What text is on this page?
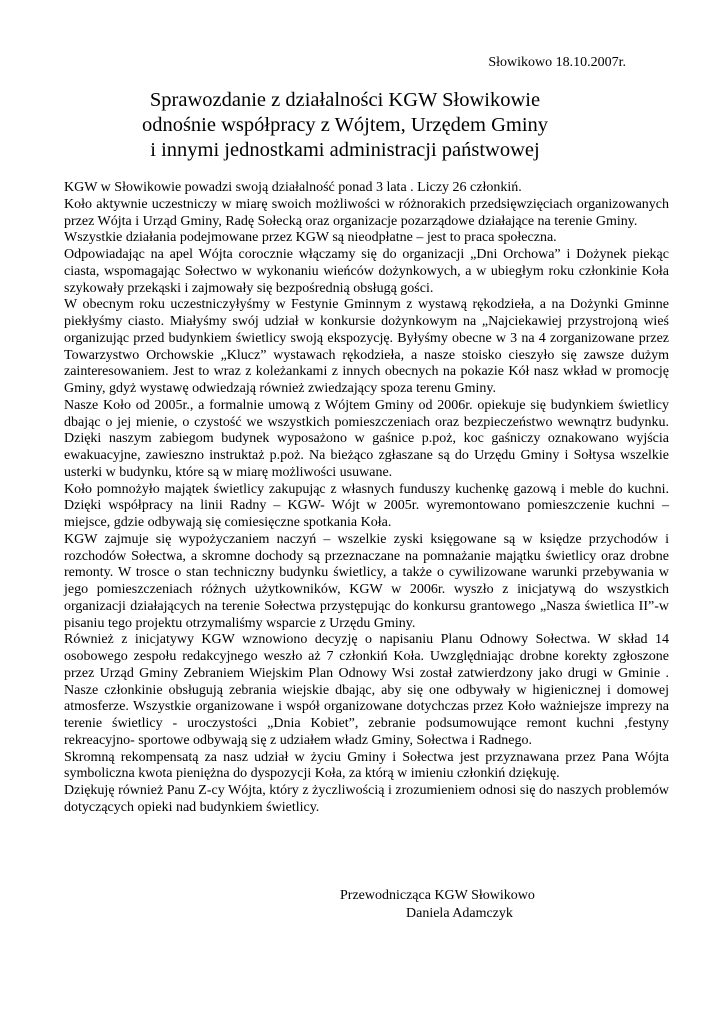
Słowikowo 18.10.2007r.
Sprawozdanie z działalności KGW Słowikowie
odnośnie współpracy z Wójtem, Urzędem Gminy
i innymi jednostkami administracji państwowej

KGW w Słowikowie powadzi swoją działalność ponad 3 lata . Liczy 26 członkiń.

Koło aktywnie uczestniczy w miarę swoich możliwości w różnorakich przedsięwzięciach organizowanych przez Wójta i Urząd Gminy, Radę Sołecką oraz organizacje pozarządowe działające na terenie Gminy.

Wszystkie działania podejmowane przez KGW są nieodpłatne – jest to praca społeczna.

Odpowiadając na apel Wójta corocznie włączamy się do organizacji „Dni Orchowa” i Dożynek piekąc ciasta, wspomagając Sołectwo w wykonaniu wieńców dożynkowych, a w ubiegłym roku członkinie Koła szykowały przekąski i zajmowały się bezpośrednią obsługą gości.

W obecnym roku uczestniczyłyśmy w Festynie Gminnym z wystawą rękodzieła, a na Dożynki Gminne piekłyśmy ciasto. Miałyśmy swój udział w konkursie dożynkowym na „Najciekawiej przystrojoną wieś organizując przed budynkiem świetlicy swoją ekspozycję. Byłyśmy obecne w 3 na 4 zorganizowane przez Towarzystwo Orchowskie „Klucz” wystawach rękodzieła, a nasze stoisko cieszyło się zawsze dużym zainteresowaniem. Jest to wraz z koleżankami z innych obecnych na pokazie Kół nasz wkład w promocję Gminy, gdyż wystawę odwiedzają również zwiedzający spoza terenu Gminy.

Nasze Koło od 2005r., a formalnie umową z Wójtem Gminy od 2006r. opiekuje się budynkiem świetlicy dbając o jej mienie, o czystość we wszystkich pomieszczeniach oraz bezpieczeństwo wewnątrz budynku. Dzięki naszym zabiegom budynek wyposażono w gaśnice p.poż, koc gaśniczy oznakowano wyjścia ewakuacyjne, zawieszno instruktaż p.poż. Na bieżąco zgłaszane są do Urzędu Gminy i Sołtysa wszelkie usterki w budynku, które są w miarę możliwości usuwane.

Koło pomnożyło majątek świetlicy zakupując z własnych funduszy kuchenkę gazową i meble do kuchni. Dzięki współpracy na linii Radny – KGW- Wójt w 2005r. wyremontowano pomieszczenie kuchni – miejsce, gdzie odbywają się comiesięczne spotkania Koła.

KGW zajmuje się wypożyczaniem naczyń – wszelkie zyski księgowane są w księdze przychodów i rozchodów Sołectwa, a skromne dochody są przeznaczane na pomnażanie majątku świetlicy oraz drobne remonty. W trosce o stan techniczny budynku świetlicy, a także o cywilizowane warunki przebywania w jego pomieszczeniach różnych użytkowników, KGW w 2006r. wyszło z inicjatywą do wszystkich organizacji działających na terenie Sołectwa przystępując do konkursu grantowego „Nasza świetlica II”-w pisaniu tego projektu otrzymaliśmy wsparcie z Urzędu Gminy.

Również z inicjatywy KGW wznowiono decyzję o napisaniu Planu Odnowy Sołectwa. W skład 14 osobowego zespołu redakcyjnego weszło aż 7 członkiń Koła. Uwzględniając drobne korekty zgłoszone przez Urząd Gminy Zebraniem Wiejskim Plan Odnowy Wsi został zatwierdzony jako drugi w Gminie . Nasze członkinie obsługują zebrania wiejskie dbając, aby się one odbywały w higienicznej i domowej atmosferze. Wszystkie organizowane i współ organizowane dotychczas przez Koło ważniejsze imprezy na terenie świetlicy - uroczystości „Dnia Kobiet”, zebranie podsumowujące remont kuchni ,festyny rekreacyjno- sportowe odbywają się z udziałem władz Gminy, Sołectwa i Radnego.

Skromną rekompensatą za nasz udział w życiu Gminy i Sołectwa jest przyznawana przez Pana Wójta symboliczna kwota pieniężna do dyspozycji Koła, za którą w imieniu członkiń dziękuję.

Dziękuję również Panu Z-cy Wójta, który z życzliwością i zrozumieniem odnosi się do naszych problemów dotyczących opieki nad budynkiem świetlicy.

Przewodnicząca KGW Słowikowo
Daniela Adamczyk
